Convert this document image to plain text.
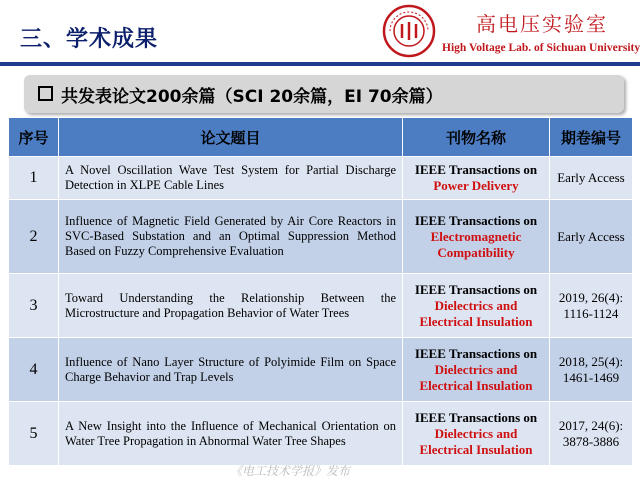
三、学术成果
高电压实验室
High Voltage Lab. of Sichuan University
共发表论文200余篇（SCI 20余篇，EI 70余篇）
序号	论文题目	刊物名称	期卷编号
1	A Novel Oscillation Wave Test System for Partial Discharge Detection in XLPE Cable Lines	IEEE Transactions on Power Delivery	Early Access
2	Influence of Magnetic Field Generated by Air Core Reactors in SVC-Based Substation and an Optimal Suppression Method Based on Fuzzy Comprehensive Evaluation	IEEE Transactions on Electromagnetic Compatibility	Early Access
3	Toward Understanding the Relationship Between the Microstructure and Propagation Behavior of Water Trees	IEEE Transactions on Dielectrics and Electrical Insulation	2019, 26(4): 1116-1124
4	Influence of Nano Layer Structure of Polyimide Film on Space Charge Behavior and Trap Levels	IEEE Transactions on Dielectrics and Electrical Insulation	2018, 25(4): 1461-1469
5	A New Insight into the Influence of Mechanical Orientation on Water Tree Propagation in Abnormal Water Tree Shapes	IEEE Transactions on Dielectrics and Electrical Insulation	2017, 24(6): 3878-3886
《电工技术学报》发布
